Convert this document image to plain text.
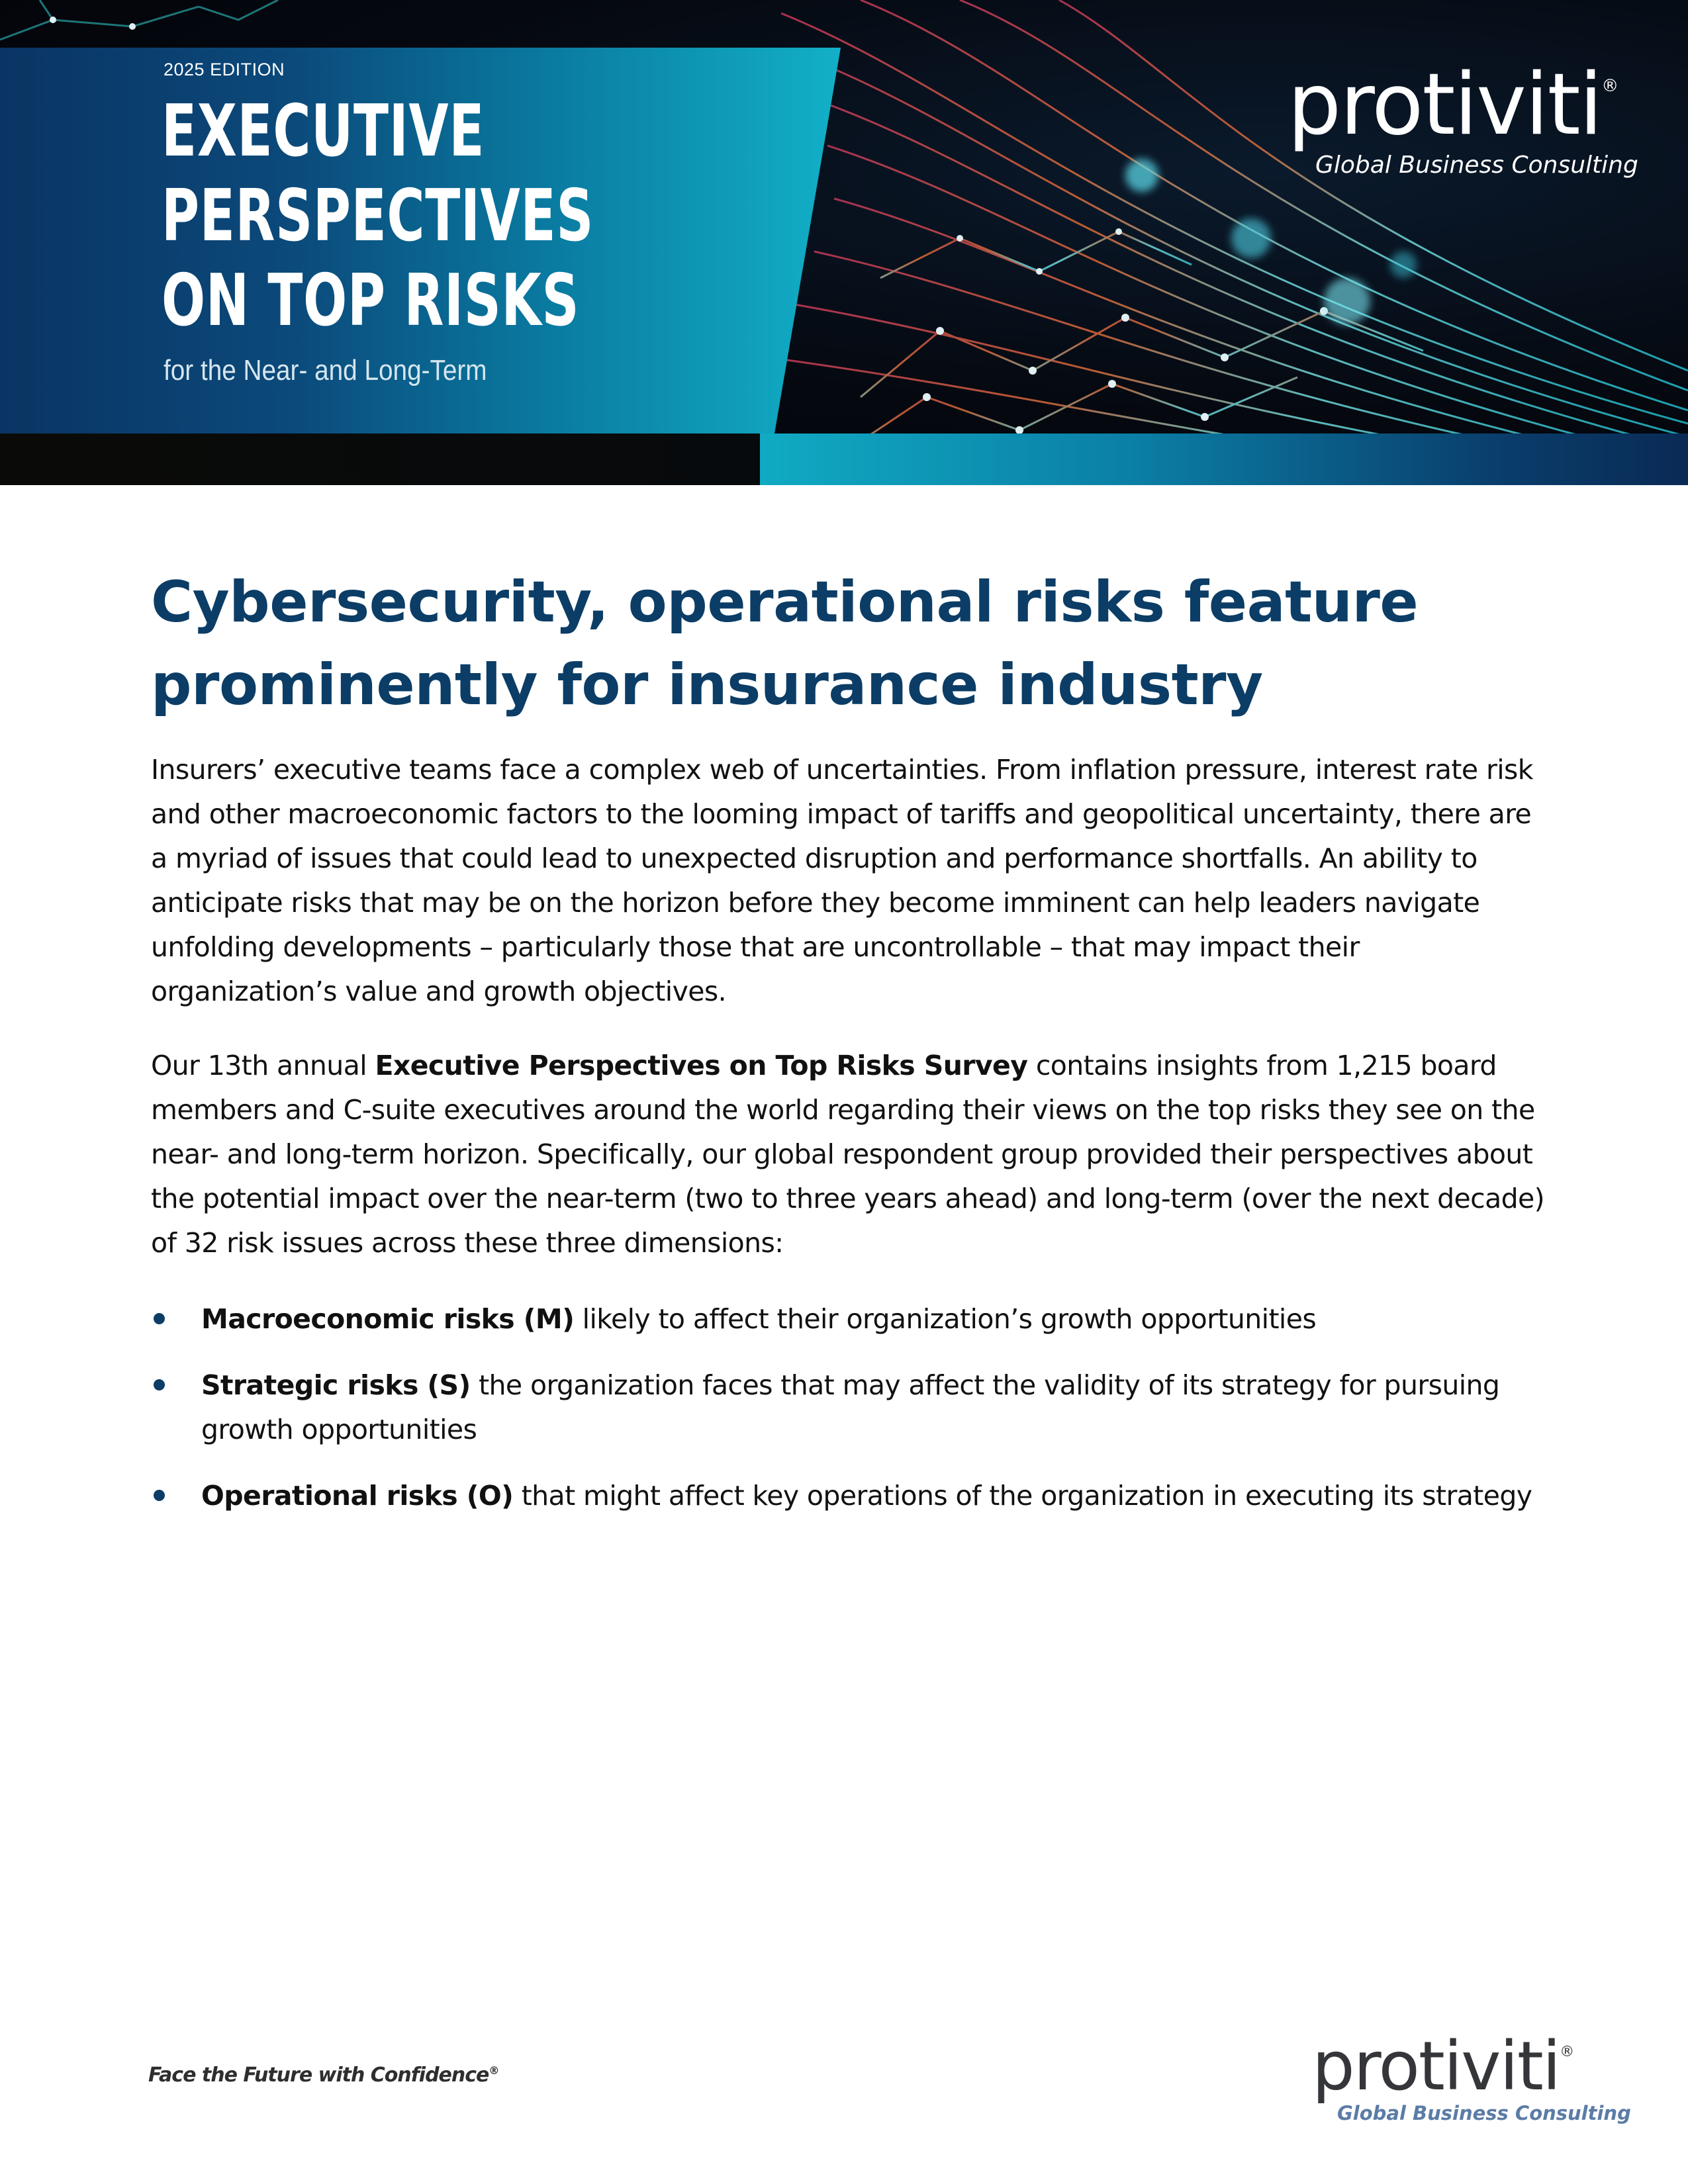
2025 EDITION
EXECUTIVE
PERSPECTIVES
ON TOP RISKS
for the Near- and Long-Term
protiviti ®
Global Business Consulting
Cybersecurity, operational risks feature
prominently for insurance industry

Insurers’ executive teams face a complex web of uncertainties. From inflation pressure, interest rate risk and other macroeconomic factors to the looming impact of tariffs and geopolitical uncertainty, there are a myriad of issues that could lead to unexpected disruption and performance shortfalls. An ability to anticipate risks that may be on the horizon before they become imminent can help leaders navigate unfolding developments – particularly those that are uncontrollable – that may impact their organization’s value and growth objectives.

Our 13th annual Executive Perspectives on Top Risks Survey contains insights from 1,215 board members and C-suite executives around the world regarding their views on the top risks they see on the near- and long-term horizon. Specifically, our global respondent group provided their perspectives about the potential impact over the near-term (two to three years ahead) and long-term (over the next decade) of 32 risk issues across these three dimensions:

Macroeconomic risks (M) likely to affect their organization’s growth opportunities
Strategic risks (S) the organization faces that may affect the validity of its strategy for pursuing growth opportunities
Operational risks (O) that might affect key operations of the organization in executing its strategy
Face the Future with Confidence®	protiviti ®
Global Business Consulting
